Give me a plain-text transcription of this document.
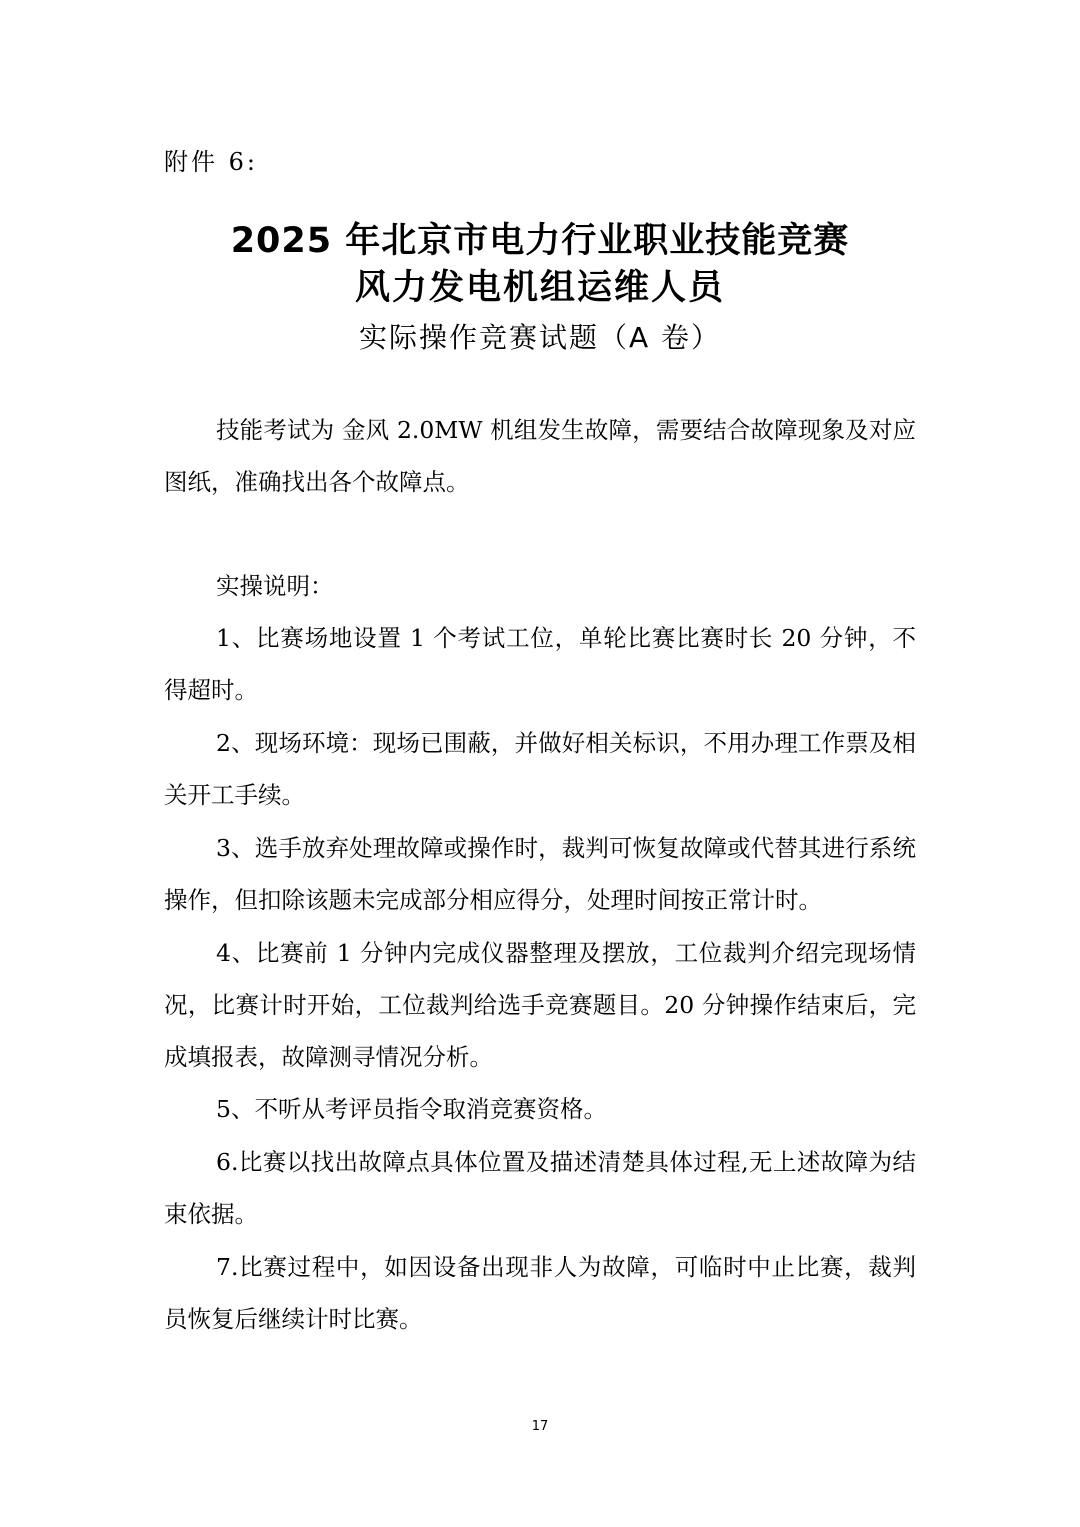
附件 6:
2025 年北京市电力行业职业技能竞赛
风力发电机组运维人员
实际操作竞赛试题（A 卷）
技能考试为 金风 2.0MW 机组发生故障，需要结合故障现象及对应图纸，准确找出各个故障点。
实操说明：
1、比赛场地设置 1 个考试工位，单轮比赛比赛时长 20 分钟，不得超时。
2、现场环境：现场已围蔽，并做好相关标识，不用办理工作票及相关开工手续。
3、选手放弃处理故障或操作时，裁判可恢复故障或代替其进行系统操作，但扣除该题未完成部分相应得分，处理时间按正常计时。
4、比赛前 1 分钟内完成仪器整理及摆放，工位裁判介绍完现场情况，比赛计时开始，工位裁判给选手竞赛题目。20 分钟操作结束后，完成填报表，故障测寻情况分析。
5、不听从考评员指令取消竞赛资格。
6.比赛以找出故障点具体位置及描述清楚具体过程,无上述故障为结束依据。
7.比赛过程中，如因设备出现非人为故障，可临时中止比赛，裁判员恢复后继续计时比赛。
17
